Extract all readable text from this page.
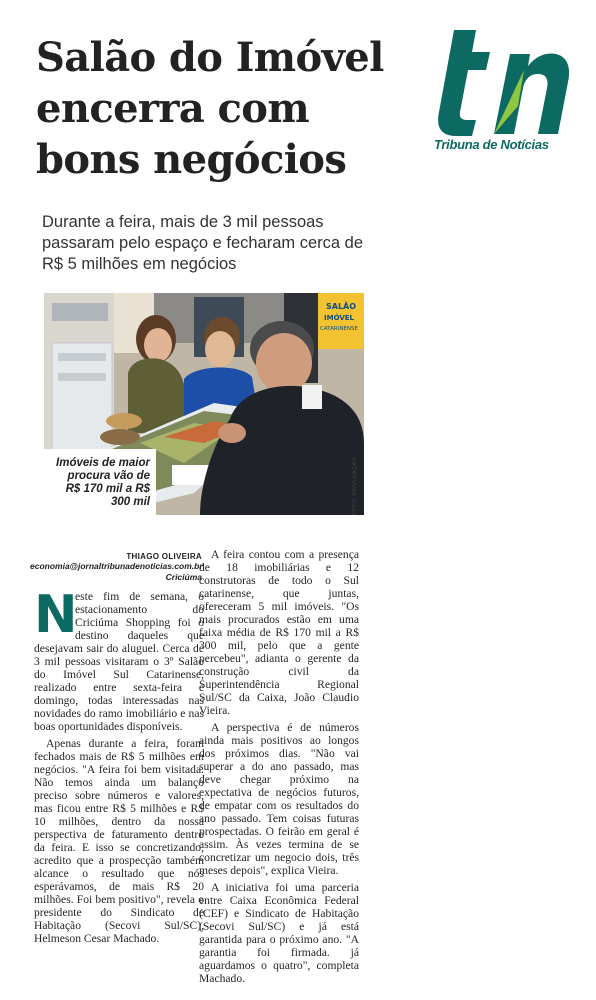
Salão do Imóvel
encerra com
bons negócios	Tribuna de Notícias

Durante a feira, mais de 3 mil pessoas passaram pelo espaço e fecharam cerca de R$ 5 milhões em negócios

SALÃO
IMÓVEL
CATARINENSE
Imóveis de maior procura vão de R$ 170 mil a R$ 300 mil	FOTO: DIVULGAÇÃO
THIAGO OLIVEIRA
economia@jornaltribunadenoticias.com.br
Criciúma

N
este fim de semana, o estacionamento do Criciúma Shopping foi o destino daqueles que desejavam sair do aluguel. Cerca de 3 mil pessoas visitaram o 3º Salão do Imóvel Sul Catarinense, realizado entre sexta-feira e domingo, todas interessadas nas novidades do ramo imobiliário e nas boas oportunidades disponíveis.

Apenas durante a feira, foram fechados mais de R$ 5 milhões em negócios. "A feira foi bem visitada. Não temos ainda um balanço preciso sobre números e valores, mas ficou entre R$ 5 milhões e R$ 10 milhões, dentro da nossa perspectiva de faturamento dentro da feira. E isso se concretizando, acredito que a prospecção também alcance o resultado que nós esperávamos, de mais R$ 20 milhões. Foi bem positivo", revela o presidente do Sindicato de Habitação (Secovi Sul/SC), Helmeson Cesar Machado.

A feira contou com a presença de 18 imobiliárias e 12 construtoras de todo o Sul catarinense, que juntas, ofereceram 5 mil imóveis. "Os mais procurados estão em uma faixa média de R$ 170 mil a R$ 300 mil, pelo que a gente percebeu", adianta o gerente da construção civil da Superintendência Regional Sul/SC da Caixa, João Claudio Vieira.

A perspectiva é de números ainda mais positivos ao longos dos próximos dias. "Não vai superar a do ano passado, mas deve chegar próximo na expectativa de negócios futuros, de empatar com os resultados do ano passado. Tem coisas futuras prospectadas. O feirão em geral é assim. Às vezes termina de se concretizar um negocio dois, três meses depois", explica Vieira.

A iniciativa foi uma parceria entre Caixa Econômica Federal (CEF) e Sindicato de Habitação (Secovi Sul/SC) e já está garantida para o próximo ano. "A garantia foi firmada. já aguardamos o quatro", completa Machado.
